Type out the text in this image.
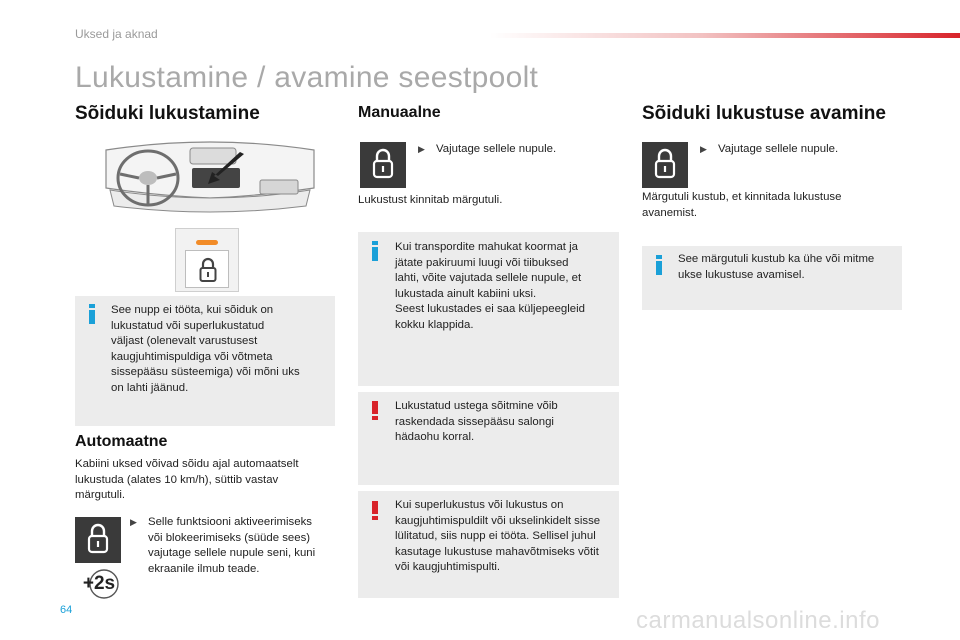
Uksed ja aknad
Lukustamine / avamine seestpoolt
Sõiduki lukustamine
See nupp ei tööta, kui sõiduk on
lukustatud või superlukustatud
väljast (olenevalt varustusest
kaugjuhtimispuldiga või võtmeta
sissepääsu süsteemiga) või mõni uks
on lahti jäänud.
Automaatne
Kabiini uksed võivad sõidu ajal automaatselt
lukustuda (alates 10 km/h), süttib vastav
märgutuli.
▶ Selle funktsiooni aktiveerimiseks
või blokeerimiseks (süüde sees)
vajutage sellele nupule seni, kuni
ekraanile ilmub teade.
+2s
Manuaalne
▶ Vajutage sellele nupule.
Lukustust kinnitab märgutuli.
Kui transpordite mahukat koormat ja
jätate pakiruumi luugi või tiibuksed
lahti, võite vajutada sellele nupule, et
lukustada ainult kabiini uksi.
Seest lukustades ei saa küljepeegleid
kokku klappida.
Lukustatud ustega sõitmine võib
raskendada sissepääsu salongi
hädaohu korral.
Kui superlukustus või lukustus on
kaugjuhtimispuldilt või ukselinkidelt sisse
lülitatud, siis nupp ei tööta. Sellisel juhul
kasutage lukustuse mahavõtmiseks võtit
või kaugjuhtimispulti.
Sõiduki lukustuse avamine
▶ Vajutage sellele nupule.
Märgutuli kustub, et kinnitada lukustuse
avanemist.
See märgutuli kustub ka ühe või mitme
ukse lukustuse avamisel.
64	carmanualsonline.info
